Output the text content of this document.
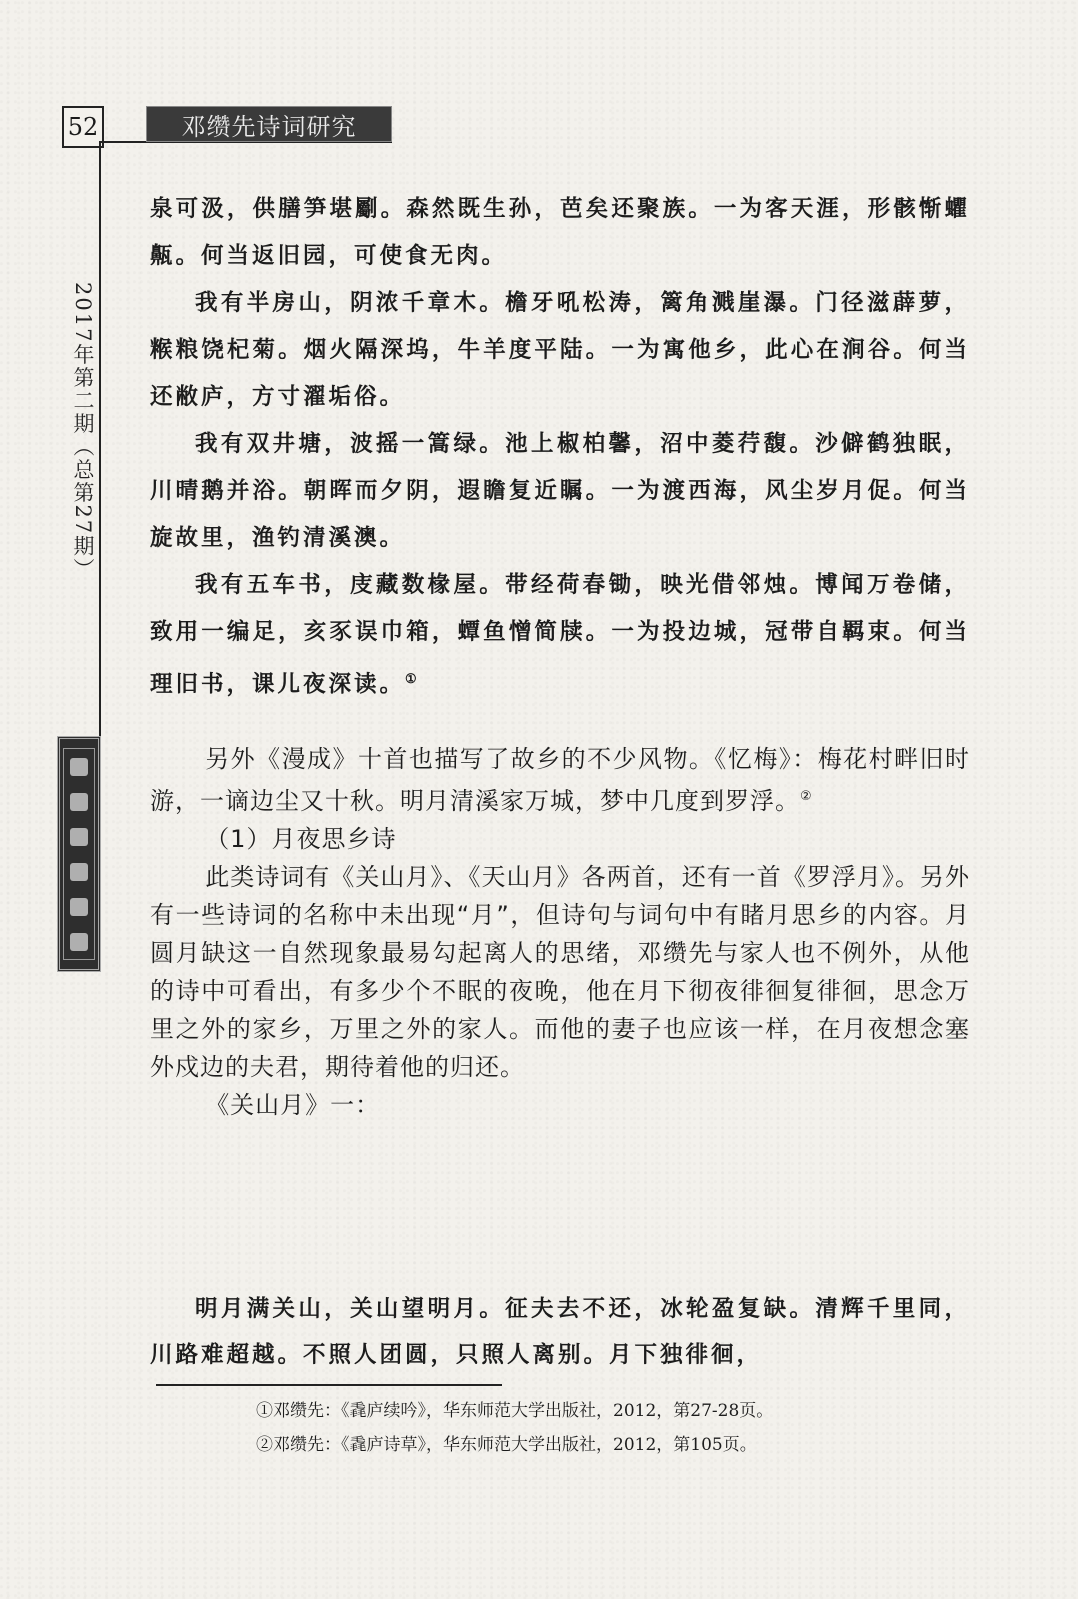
52	邓缵先诗词研究
2017年第二期（总第27期）

泉可汲，供膳笋堪劚。森然既生孙，芭矣还聚族。一为客天涯，形骸惭蠷齀。何当返旧园，可使食无肉。

我有半房山，阴浓千章木。檐牙吼松涛，篱角溅崖瀑。门径滋薜萝，糇粮饶杞菊。烟火隔深坞，牛羊度平陆。一为寓他乡，此心在涧谷。何当还敝庐，方寸濯垢俗。

我有双井塘，波摇一篙绿。池上椒柏馨，沼中菱荇馥。沙僻鹤独眠，川晴鹅并浴。朝晖而夕阴，遐瞻复近瞩。一为渡西海，风尘岁月促。何当旋故里，渔钓清溪澳。

我有五车书，庋藏数椽屋。带经荷春锄，映光借邻烛。博闻万卷储，致用一编足，亥豕误巾箱，蟫鱼憎简牍。一为投边城，冠带自羁束。何当理旧书，课儿夜深读。①

另外《漫成》十首也描写了故乡的不少风物。《忆梅》：梅花村畔旧时游，一谪边尘又十秋。明月清溪家万城，梦中几度到罗浮。②

（1）月夜思乡诗

此类诗词有《关山月》、《天山月》各两首，还有一首《罗浮月》。另外有一些诗词的名称中未出现“月”，但诗句与词句中有睹月思乡的内容。月圆月缺这一自然现象最易勾起离人的思绪，邓缵先与家人也不例外，从他的诗中可看出，有多少个不眠的夜晚，他在月下彻夜徘徊复徘徊，思念万里之外的家乡，万里之外的家人。而他的妻子也应该一样，在月夜想念塞外戍边的夫君，期待着他的归还。

《关山月》一：

明月满关山，关山望明月。征夫去不还，冰轮盈复缺。清辉千里同，川路难超越。不照人团圆，只照人离别。月下独徘徊，

①邓缵先：《毳庐续吟》，华东师范大学出版社，2012，第27-28页。
②邓缵先：《毳庐诗草》，华东师范大学出版社，2012，第105页。
